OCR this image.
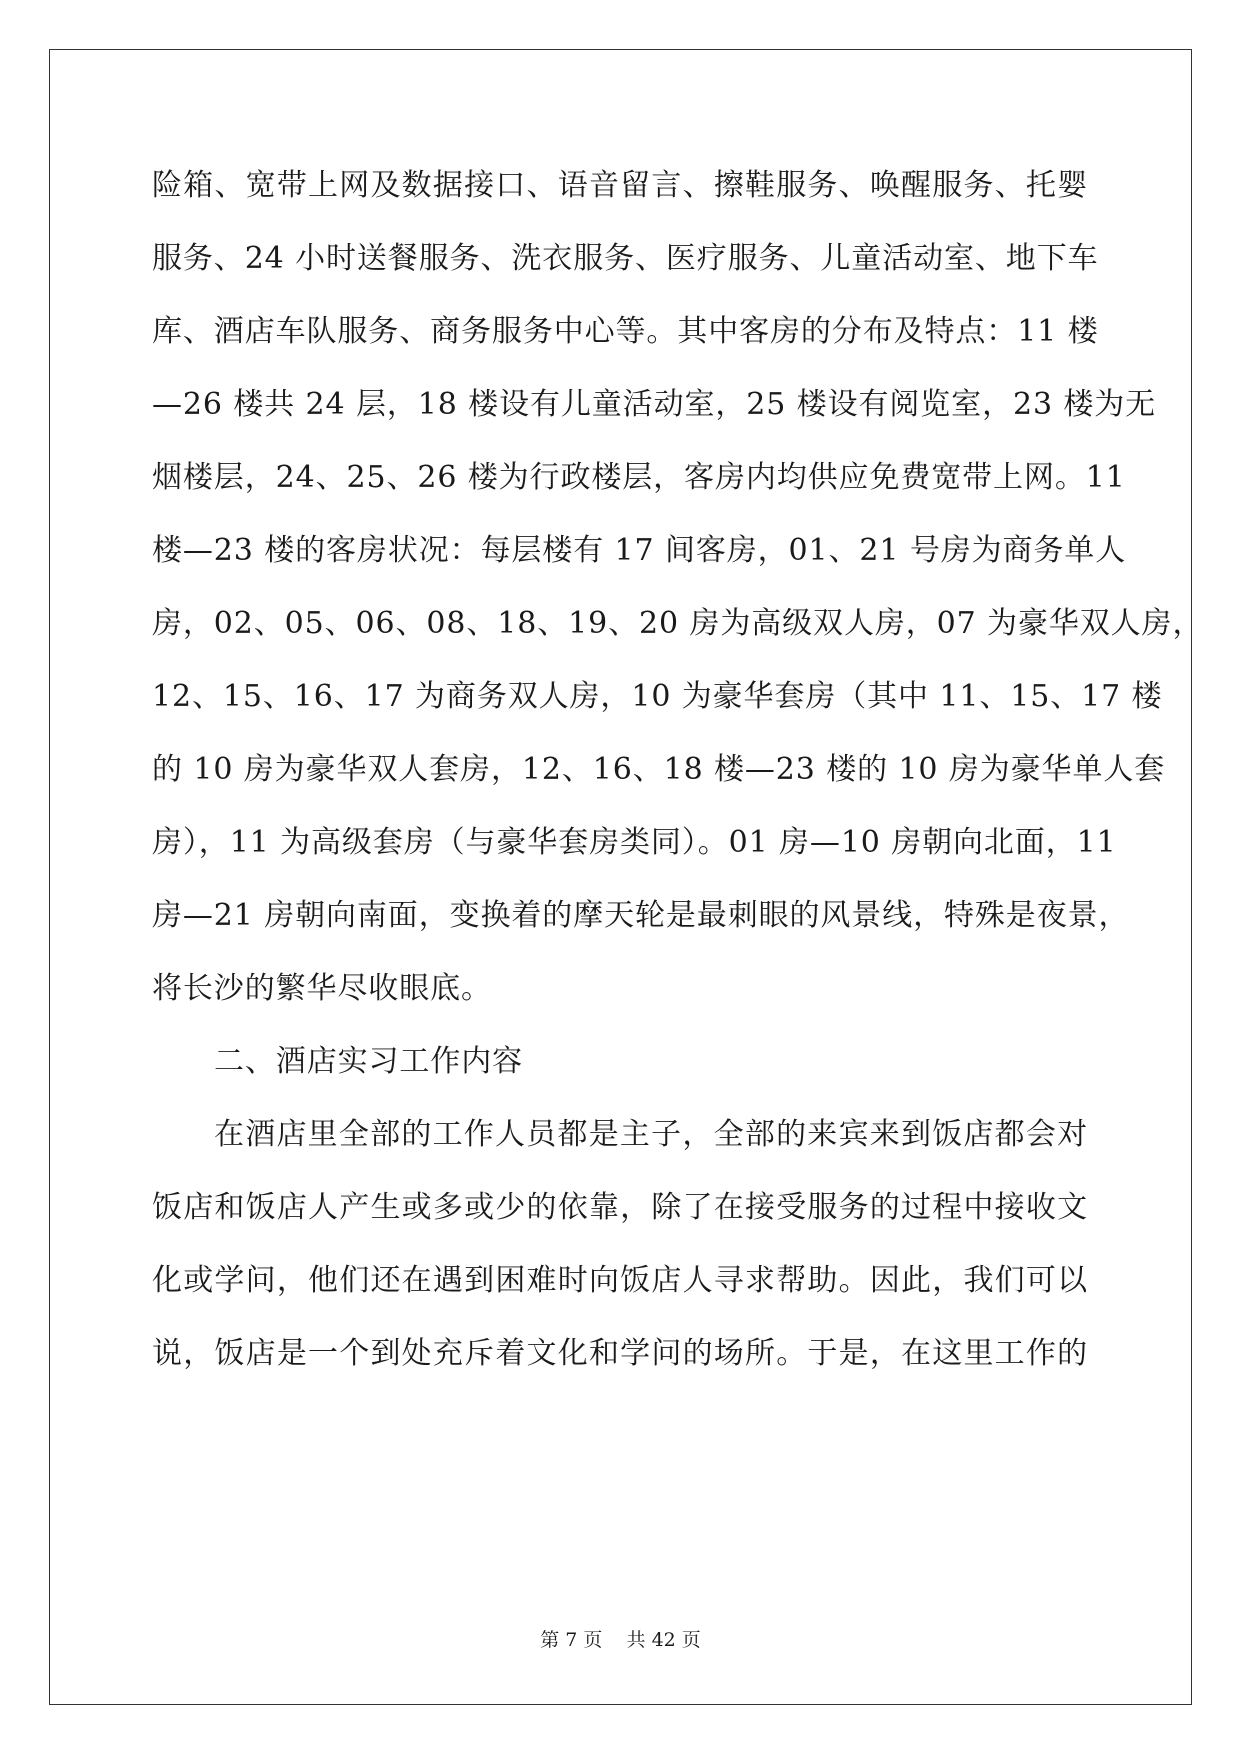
险箱、宽带上网及数据接口、语音留言、擦鞋服务、唤醒服务、托婴
服务、24 小时送餐服务、洗衣服务、医疗服务、儿童活动室、地下车
库、酒店车队服务、商务服务中心等。其中客房的分布及特点：11 楼
—26 楼共 24 层，18 楼设有儿童活动室，25 楼设有阅览室，23 楼为无
烟楼层，24、25、26 楼为行政楼层，客房内均供应免费宽带上网。11
楼—23 楼的客房状况：每层楼有 17 间客房，01、21 号房为商务单人
房，02、05、06、08、18、19、20 房为高级双人房，07 为豪华双人房，
12、15、16、17 为商务双人房，10 为豪华套房（其中 11、15、17 楼
的 10 房为豪华双人套房，12、16、18 楼—23 楼的 10 房为豪华单人套
房），11 为高级套房（与豪华套房类同）。01 房—10 房朝向北面，11
房—21 房朝向南面，变换着的摩天轮是最刺眼的风景线，特殊是夜景，
将长沙的繁华尽收眼底。
二、酒店实习工作内容
在酒店里全部的工作人员都是主子，全部的来宾来到饭店都会对
饭店和饭店人产生或多或少的依靠，除了在接受服务的过程中接收文
化或学问，他们还在遇到困难时向饭店人寻求帮助。因此，我们可以
说，饭店是一个到处充斥着文化和学问的场所。于是，在这里工作的
第 7 页    共 42 页
